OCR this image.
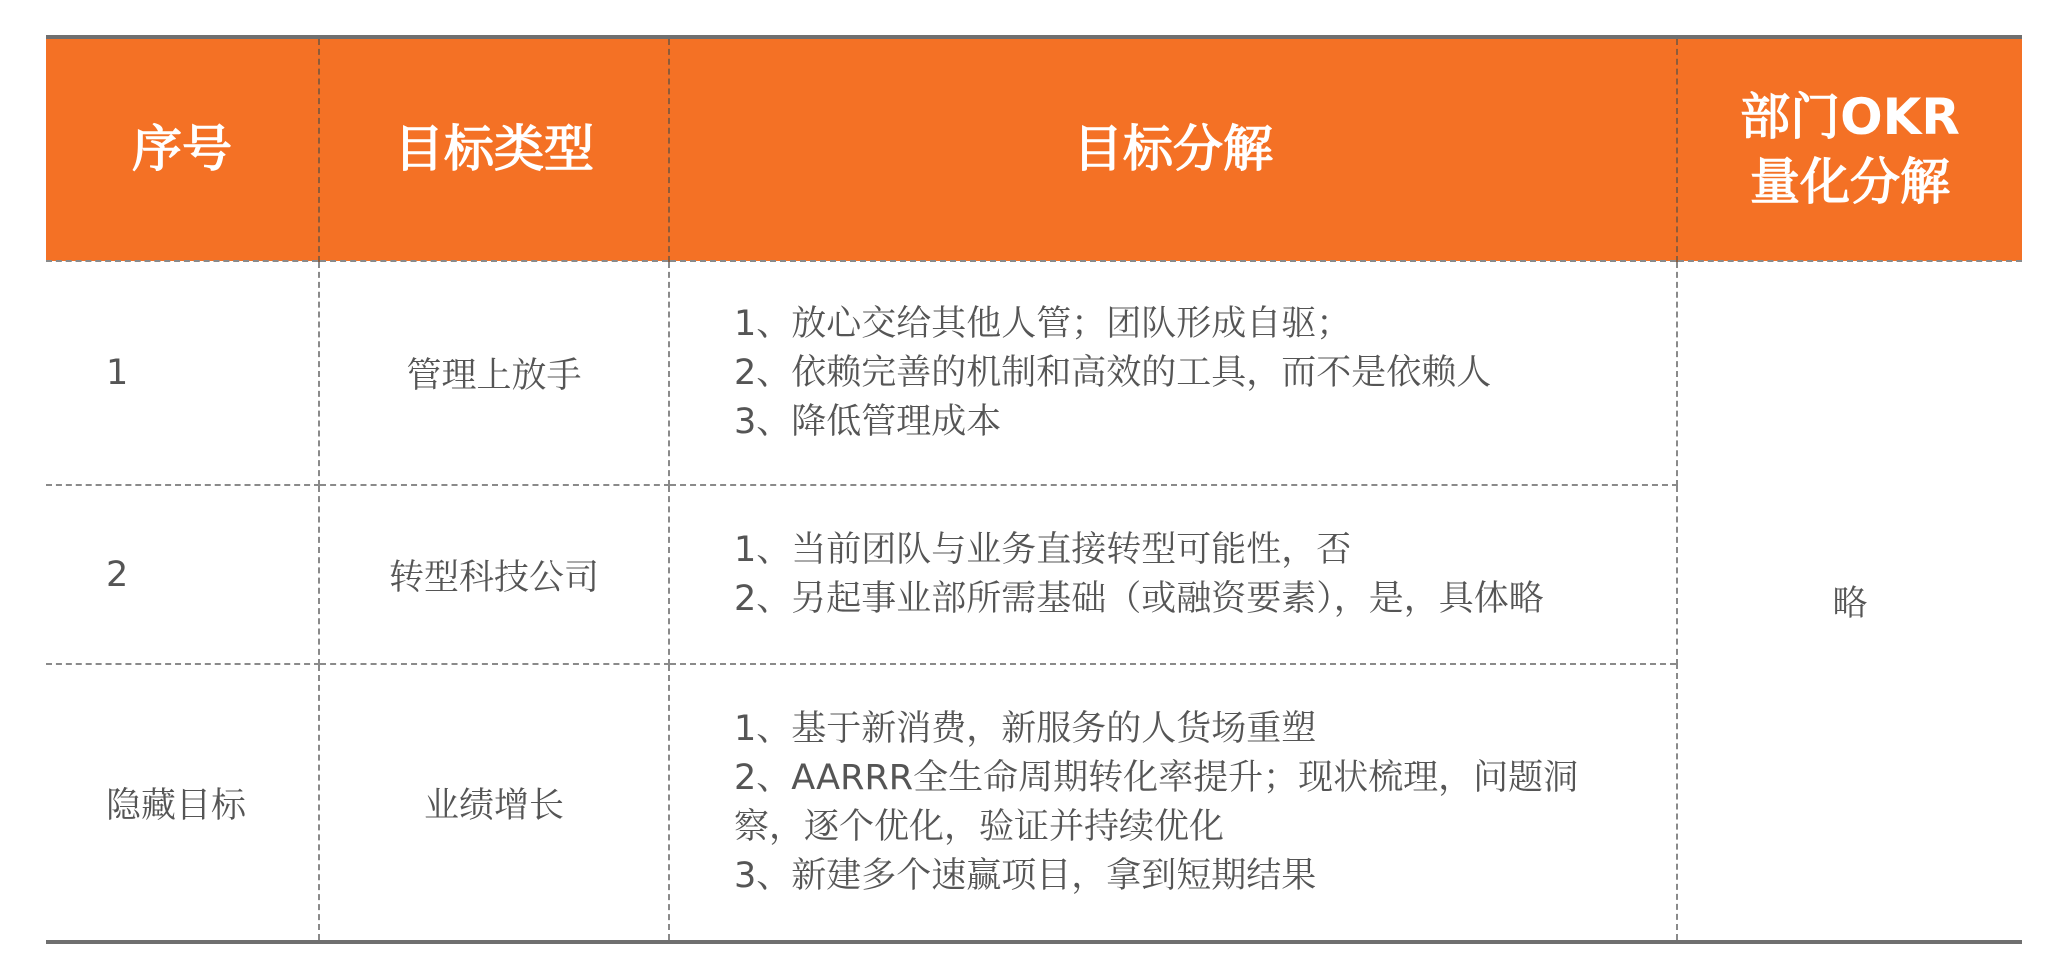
序号	目标类型	目标分解	部门OKR
量化分解

1	管理上放手	1、放心交给其他人管；团队形成自驱；
2、依赖完善的机制和高效的工具，而不是依赖人
3、降低管理成本	略
2	转型科技公司	1、当前团队与业务直接转型可能性，否
2、另起事业部所需基础（或融资要素），是，具体略	

隐藏目标	业绩增长	1、基于新消费，新服务的人货场重塑
2、AARRR全生命周期转化率提升；现状梳理，问题洞察，逐个优化，验证并持续优化
3、新建多个速赢项目，拿到短期结果	
